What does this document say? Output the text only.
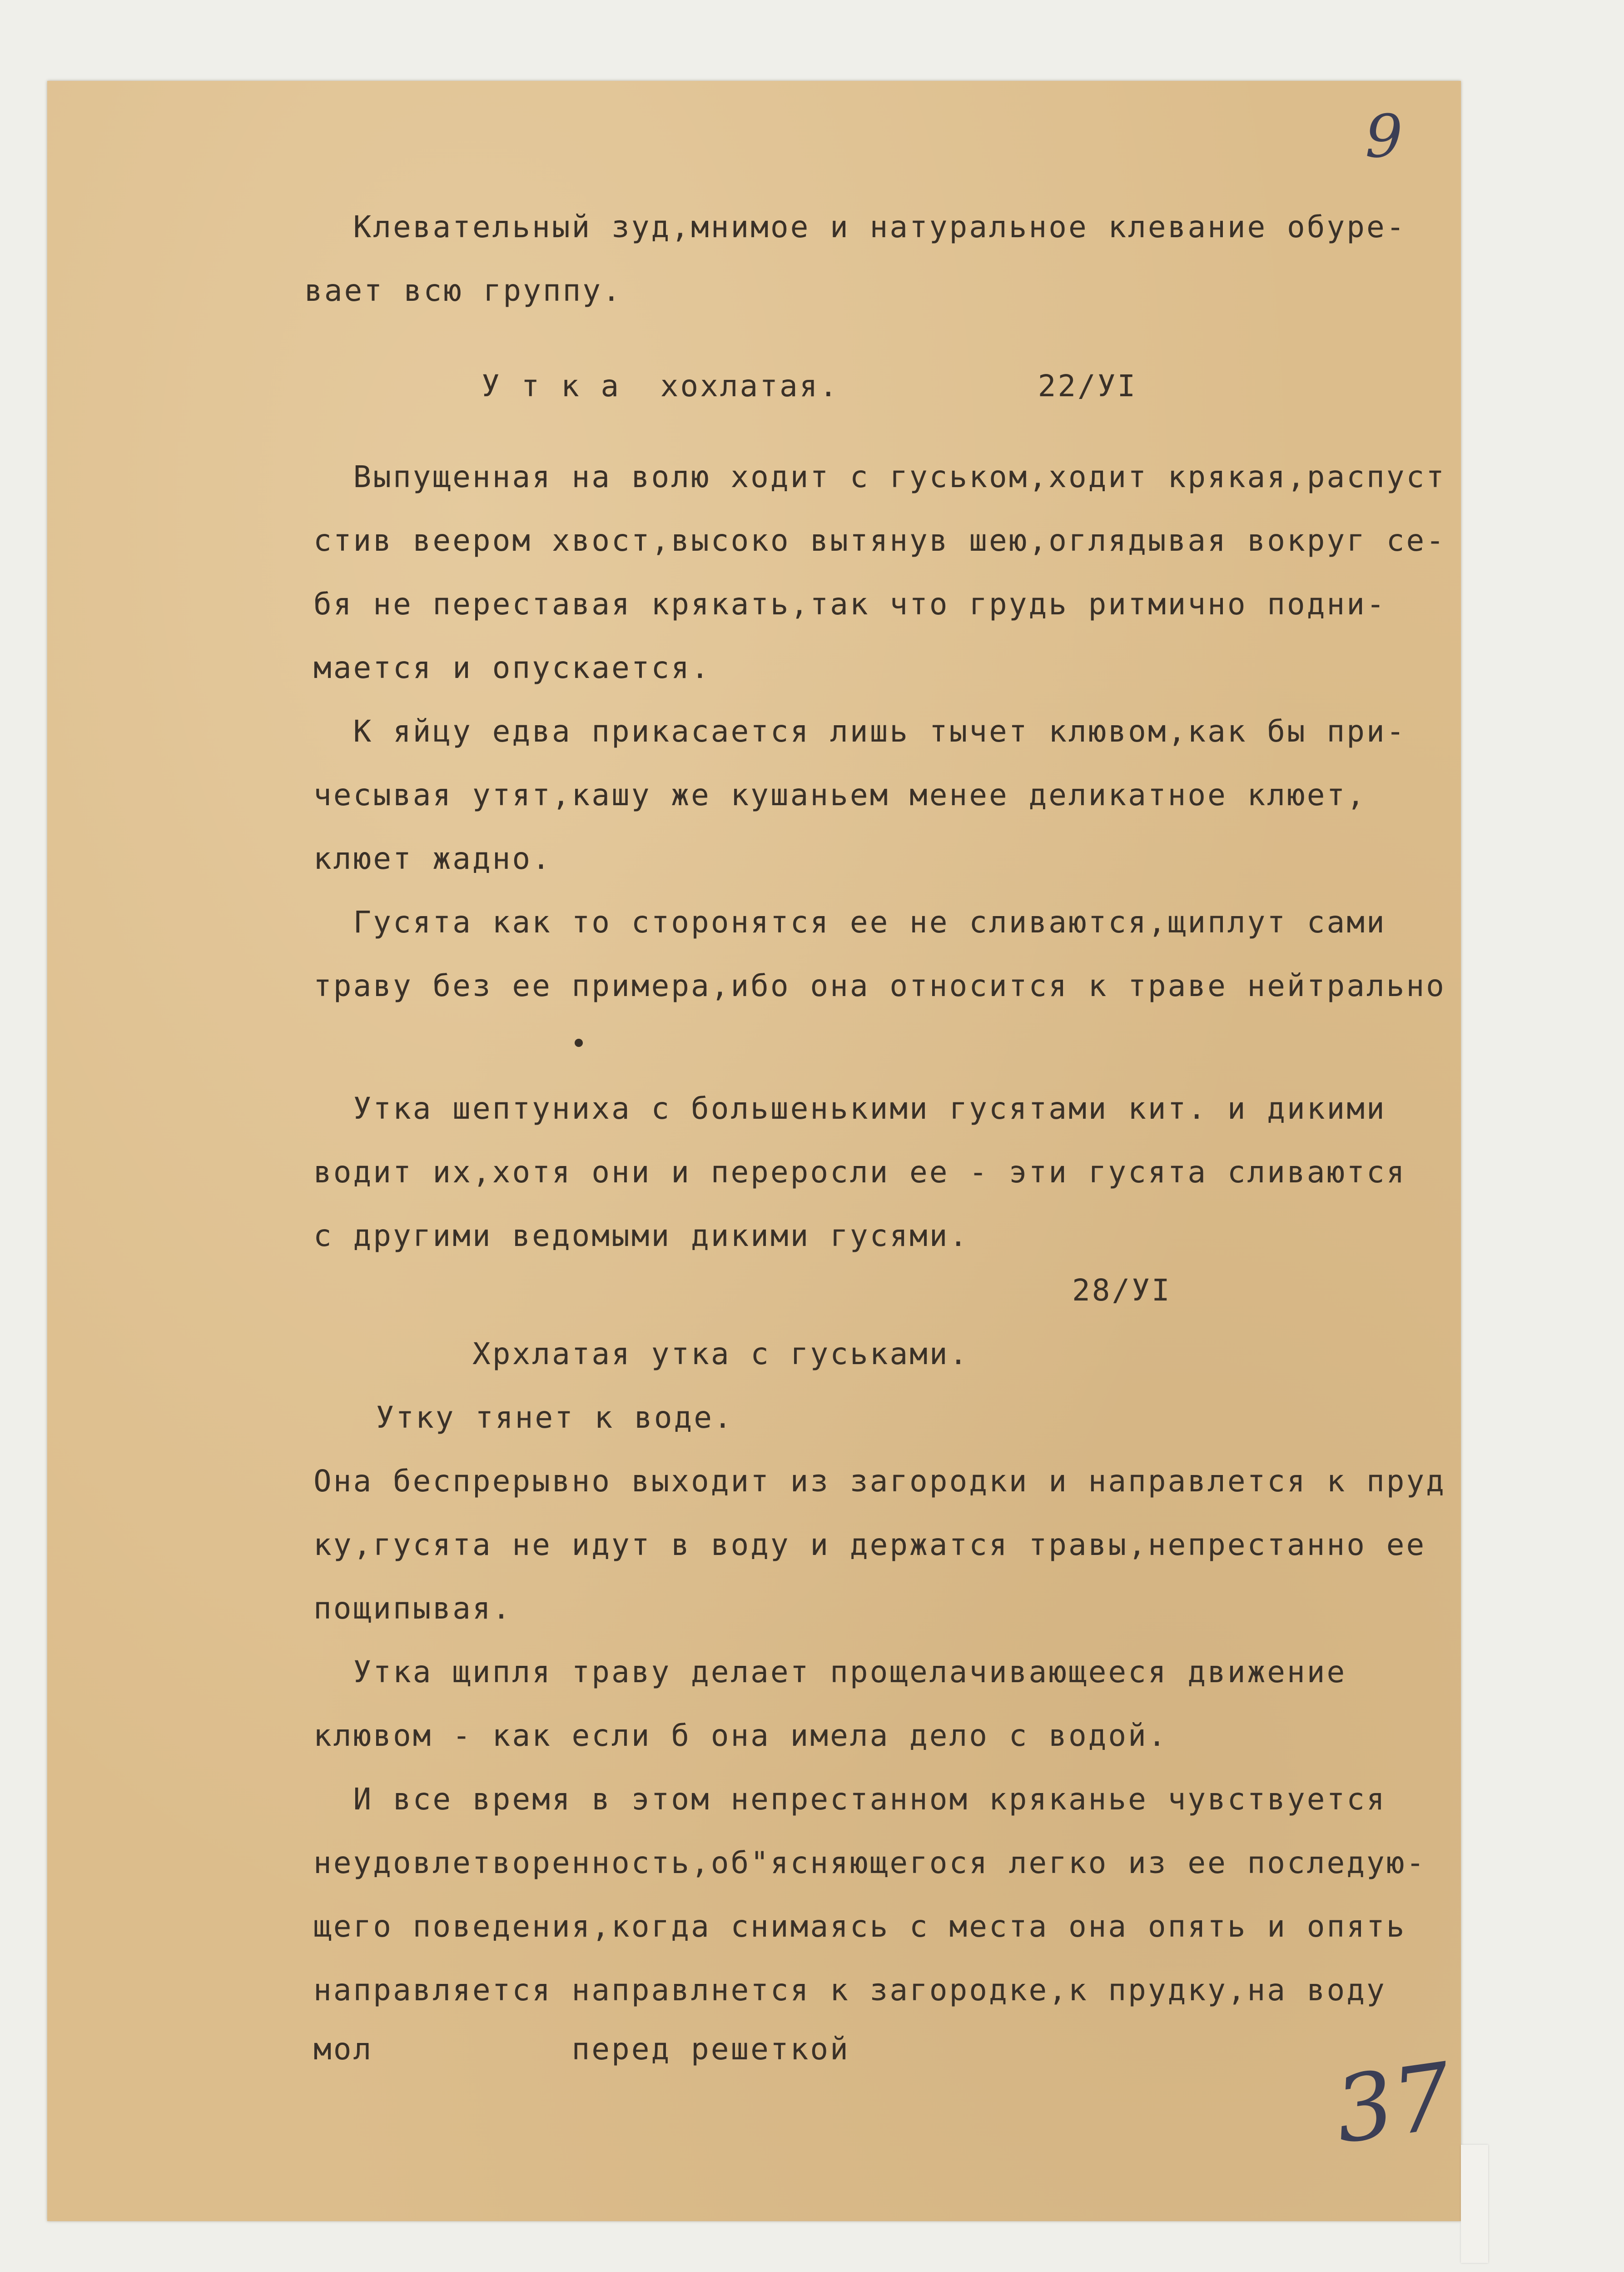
9
37

Клевательный зуд,мнимое и натуральное клевание обуре-

вает всю группу.

У т к а  хохлатая.          22/УI

Выпущенная на волю ходит с гуськом,ходит крякая,распуст

стив веером хвост,высоко вытянув шею,оглядывая вокруг се-

бя не переставая крякать,так что грудь ритмично подни-

мается и опускается.

К яйцу едва прикасается лишь тычет клювом,как бы при-

чесывая утят,кашу же кушаньем менее деликатное клюет,

клюет жадно.

Гусята как то сторонятся ее не сливаются,щиплут сами

траву без ее примера,ибо она относится к траве нейтрально

Утка шептуниха с большенькими гусятами кит. и дикими

водит их,хотя они и переросли ее - эти гусята сливаются

с другими ведомыми дикими гусями.

28/УI

Хрхлатая утка с гуськами.

Утку тянет к воде.

Она беспрерывно выходит из загородки и направлется к пруд

ку,гусята не идут в воду и держатся травы,непрестанно ее

пощипывая.

Утка щипля траву делает прощелачивающееся движение

клювом - как если б она имела дело с водой.

И все время в этом непрестанном кряканье чувствуется

неудовлетворенность,об"ясняющегося легко из ее последую-

щего поведения,когда снимаясь с места она опять и опять

направляется направлнется к загородке,к прудку,на воду

мол          перед решеткой
